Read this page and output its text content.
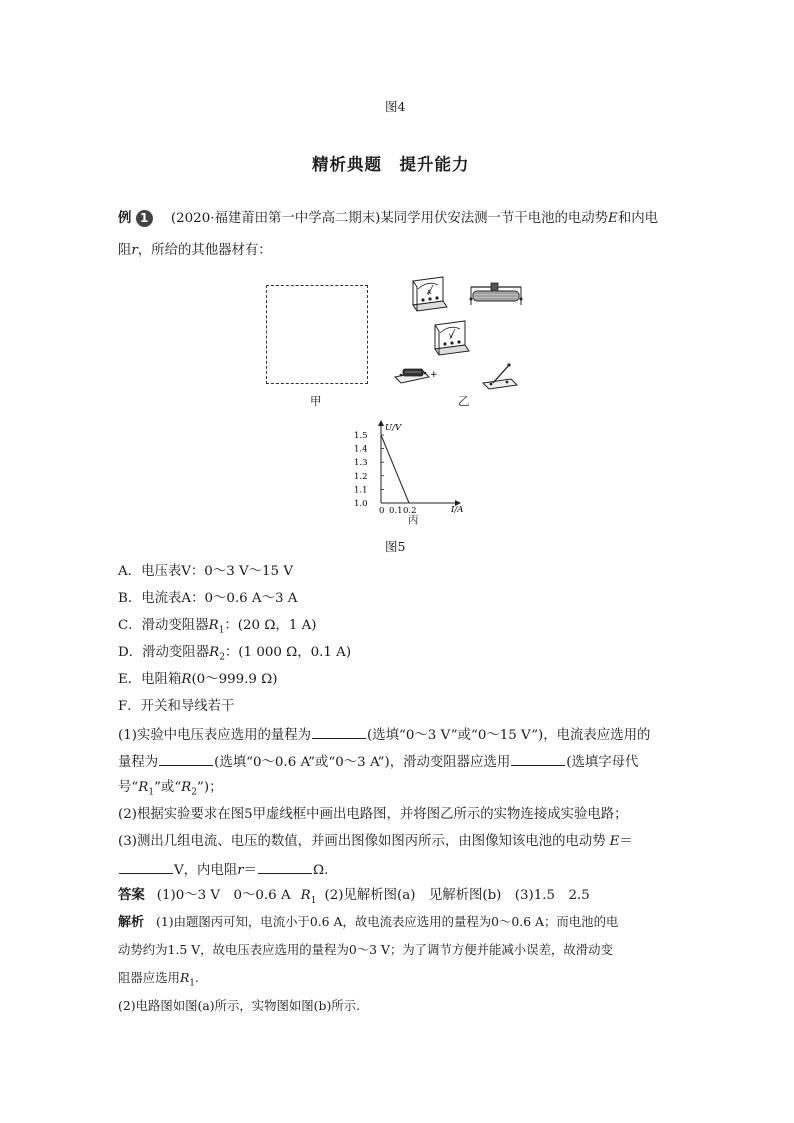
图4
精析典题　提升能力
例 1 (2020·福建莆田第一中学高二期末)某同学用伏安法测一节干电池的电动势E和内电
阻r，所给的其他器材有：
甲
A
V
+
乙
U/V
I/A
1.5
1.4
1.3
1.2
1.1
1.0
0 0.1 0.2
丙
图5
A．电压表V：0～3 V～15 V
B．电流表A：0～0.6 A～3 A
C．滑动变阻器$R_1$：(20 Ω，1 A)
D．滑动变阻器$R_2$：(1 000 Ω，0.1 A)
E．电阻箱R(0～999.9 Ω)
F．开关和导线若干
(1)实验中电压表应选用的量程为	(选填“0～3 V”或“0～15 V”)，电流表应选用的
量程为	(选填“0～0.6 A”或“0～3 A”)，滑动变阻器应选用	(选填字母代
号“$R_1$”或“$R_2$”)；
(2)根据实验要求在图5甲虚线框中画出电路图，并将图乙所示的实物连接成实验电路；
(3)测出几组电流、电压的数值，并画出图像如图丙所示，由图像知该电池的电动势 E＝
V，内电阻r＝	Ω.
答案 (1)0～3 V　0～0.6 A $R_1$ (2)见解析图(a)　见解析图(b)　(3)1.5　2.5
解析 (1)由题图丙可知，电流小于0.6 A，故电流表应选用的量程为0～0.6 A；而电池的电
动势约为1.5 V，故电压表应选用的量程为0～3 V；为了调节方便并能减小误差，故滑动变
阻器应选用$R_1$.
(2)电路图如图(a)所示，实物图如图(b)所示.
